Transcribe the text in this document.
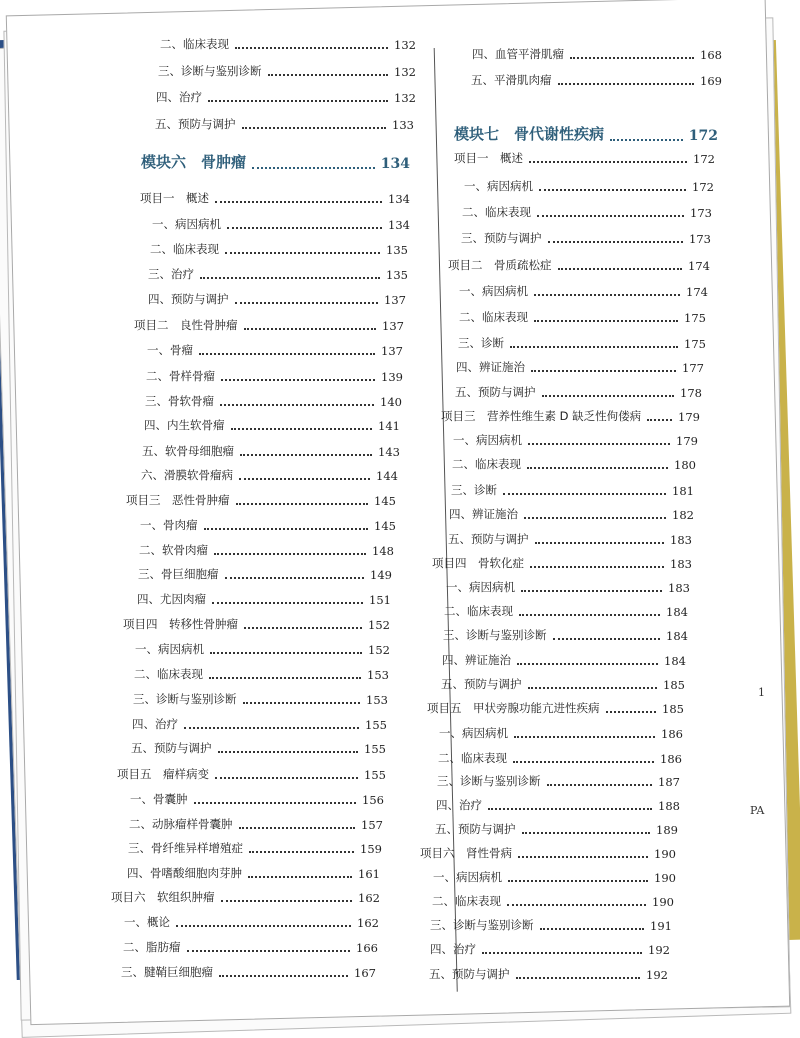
二、临床表现	132
三、诊断与鉴别诊断	132
四、治疗	132
五、预防与调护	133
模块六　骨肿瘤	134
项目一　概述	134
一、病因病机	134
二、临床表现	135
三、治疗	135
四、预防与调护	137
项目二　良性骨肿瘤	137
一、骨瘤	137
二、骨样骨瘤	139
三、骨软骨瘤	140
四、内生软骨瘤	141
五、软骨母细胞瘤	143
六、滑膜软骨瘤病	144
项目三　恶性骨肿瘤	145
一、骨肉瘤	145
二、软骨肉瘤	148
三、骨巨细胞瘤	149
四、尤因肉瘤	151
项目四　转移性骨肿瘤	152
一、病因病机	152
二、临床表现	153
三、诊断与鉴别诊断	153
四、治疗	155
五、预防与调护	155
项目五　瘤样病变	155
一、骨囊肿	156
二、动脉瘤样骨囊肿	157
三、骨纤维异样增殖症	159
四、骨嗜酸细胞肉芽肿	161
项目六　软组织肿瘤	162
一、概论	162
二、脂肪瘤	166
三、腱鞘巨细胞瘤	167
四、血管平滑肌瘤	168
五、平滑肌肉瘤	169
模块七　骨代谢性疾病	172
项目一　概述	172
一、病因病机	172
二、临床表现	173
三、预防与调护	173
项目二　骨质疏松症	174
一、病因病机	174
二、临床表现	175
三、诊断	175
四、辨证施治	177
五、预防与调护	178
项目三　营养性维生素 D 缺乏性佝偻病	179
一、病因病机	179
二、临床表现	180
三、诊断	181
四、辨证施治	182
五、预防与调护	183
项目四　骨软化症	183
一、病因病机	183
二、临床表现	184
三、诊断与鉴别诊断	184
四、辨证施治	184
五、预防与调护	185
项目五　甲状旁腺功能亢进性疾病	185
一、病因病机	186
二、临床表现	186
三、诊断与鉴别诊断	187
四、治疗	188
五、预防与调护	189
项目六　肾性骨病	190
一、病因病机	190
二、临床表现	190
三、诊断与鉴别诊断	191
四、治疗	192
五、预防与调护	192
1
PA
